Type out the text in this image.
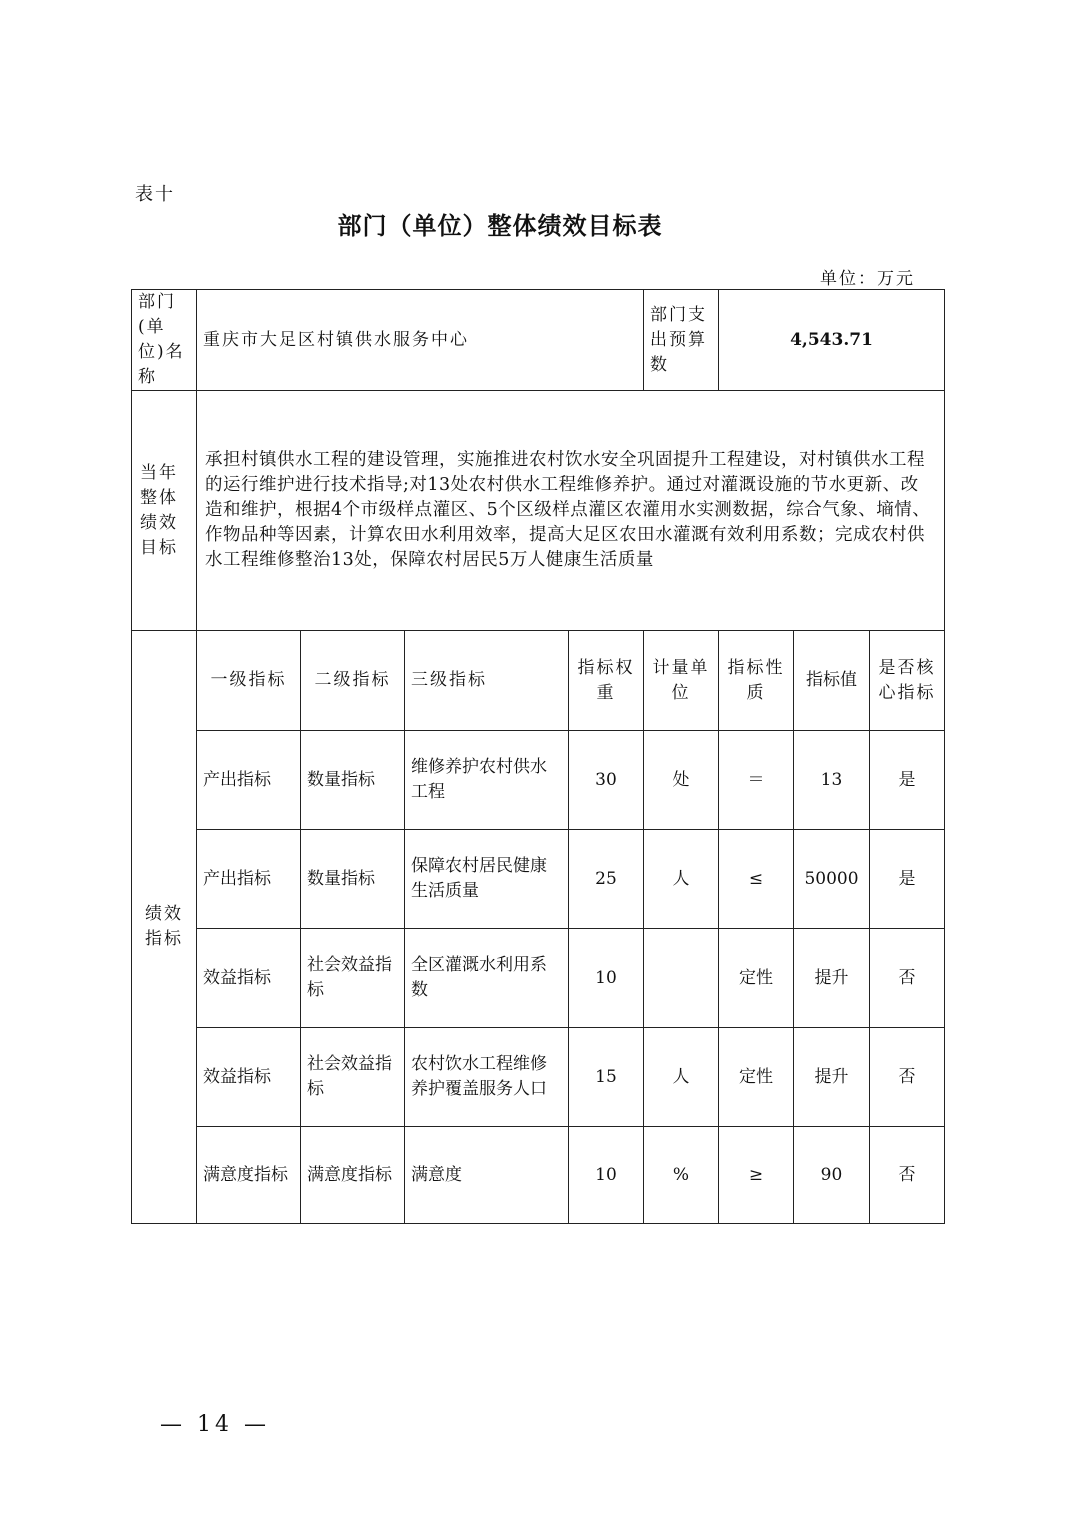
表十
部门（单位）整体绩效目标表
单位：万元
部门(单位)名称	重庆市大足区村镇供水服务中心				部门支出预算数	4,543.71		
当年整体绩效目标	承担村镇供水工程的建设管理，实施推进农村饮水安全巩固提升工程建设，对村镇供水工程的运行维护进行技术指导;对13处农村供水工程维修养护。通过对灌溉设施的节水更新、改造和维护，根据4个市级样点灌区、5个区级样点灌区农灌用水实测数据，综合气象、墒情、作物品种等因素，计算农田水利用效率，提高大足区农田水灌溉有效利用系数；完成农村供水工程维修整治13处，保障农村居民5万人健康生活质量							
绩效指标	一级指标	二级指标	三级指标	指标权重	计量单位	指标性质	指标值	是否核心指标
	产出指标	数量指标	维修养护农村供水工程	30	处	＝	13	是
	产出指标	数量指标	保障农村居民健康生活质量	25	人	≤	50000	是
	效益指标	社会效益指标	全区灌溉水利用系数	10		定性	提升	否
	效益指标	社会效益指标	农村饮水工程维修养护覆盖服务人口	15	人	定性	提升	否
	满意度指标	满意度指标	满意度	10	%	≥	90	否
— 14 —
